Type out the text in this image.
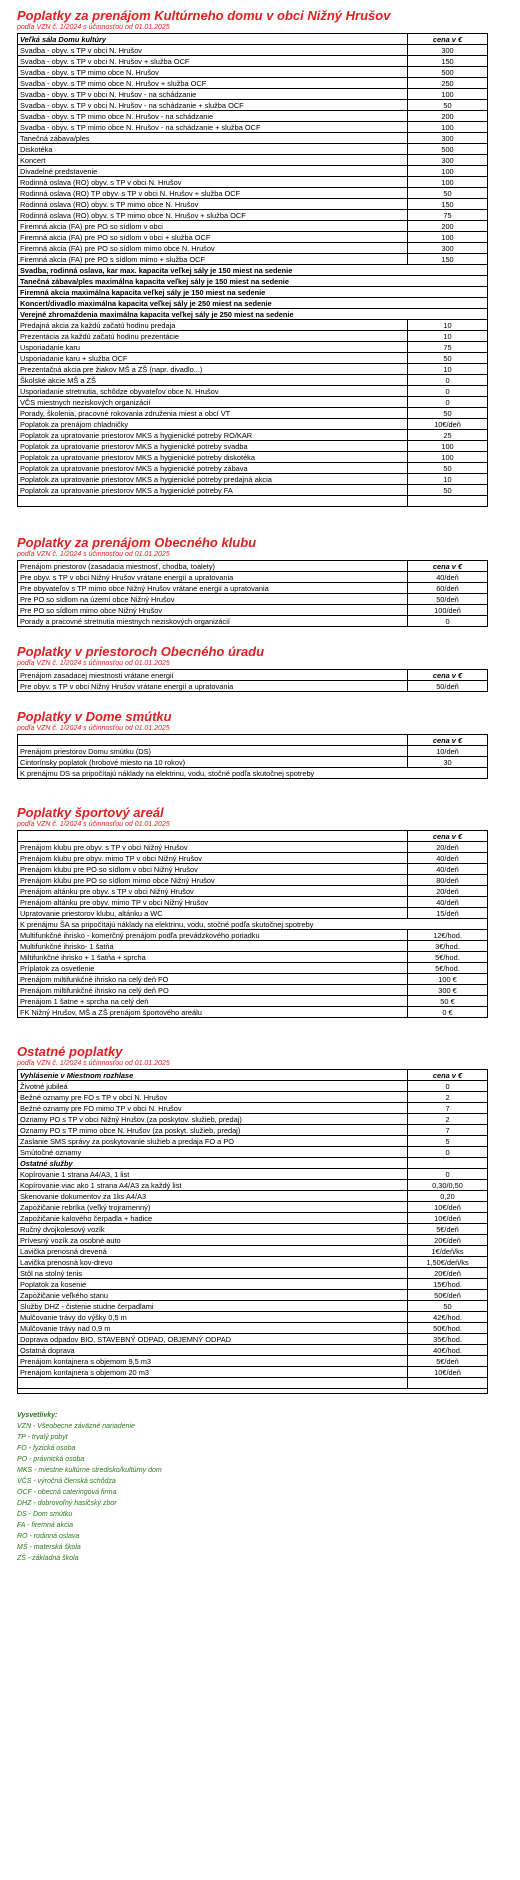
Poplatky za prenájom Kultúrneho domu v obci Nižný Hrušov

podľa VZN č. 1/2024 s účinnosťou od 01.01.2025

Veľká sála Domu kultúry	cena v €
Svadba - obyv. s TP v obci N. Hrušov	300
Svadba - obyv. s TP v obci N. Hrušov + služba OCF	150
Svadba - obyv. s TP mimo obce N. Hrušov	500
Svadba - obyv. s TP mimo obce N. Hrušov + služba OCF	250
Svadba - obyv. s TP v obci N. Hrušov - na schádzanie	100
Svadba - obyv. s TP v obci N. Hrušov - na schádzanie + služba OCF	50
Svadba - obyv. s TP mimo obce N. Hrušov - na schádzanie	200
Svadba - obyv. s TP mimo obce N. Hrušov - na schádzanie + služba OCF	100
Tanečná zábava/ples	300
Diskotéka	500
Koncert	300
Divadelné predstavenie	100
Rodinná oslava (RO) obyv. s TP v obci N. Hrušov	100
Rodinná oslava (RO) TP obyv. s TP v obci N. Hrušov + služba OCF	50
Rodinná oslava (RO) obyv. s TP mimo obce N. Hrušov	150
Rodinná oslava (RO) obyv. s TP mimo obce N. Hrušov + služba OCF	75
Firemná akcia (FA) pre PO so sídlom v obci	200
Firemná akcia (FA) pre PO so sídlom v obci + služba OCF	100
Firemná akcia (FA) pre PO so sídlom mimo obce N. Hrušov	300
Firemná akcia (FA) pre PO s sídlom mimo + služba OCF	150
Svadba, rodinná oslava, kar max. kapacita veľkej sály je 150 miest na sedenie	
Tanečná zábava/ples maximálna kapacita veľkej sály je 150 miest na sedenie	
Firemná akcia maximálna kapacita veľkej sály je 150 miest na sedenie	
Koncert/divadlo maximálna kapacita veľkej sály je 250 miest na sedenie	
Verejné zhromaždenia maximálna kapacita veľkej sály je 250 miest na sedenie	
Predajná akcia za každú začatú hodinu predaja	10
Prezentácia za každú začatú hodinu prezentácie	10
Usporiadanie karu	75
Usporiadanie karu + služba OCF	50
Prezentačná akcia pre žiakov MŠ a ZŠ (napr. divadlo...)	10
Školské akcie MŠ a ZŠ	0
Usporiadanie stretnutia, schôdze obyvateľov obce N. Hrušov	0
VČS miestnych neziskových organizácií	0
Porady, školenia, pracovné rokovania združenia miest a obcí VT	50
Poplatok za prenájom chladničky	10€/deň
Poplatok za upratovanie priestorov MKS a hygienické potreby RO/KAR	25
Poplatok za upratovanie priestorov MKS a hygienické potreby svadba	100
Poplatok za upratovanie priestorov MKS a hygienické potreby diskotéka	100
Poplatok za upratovanie priestorov MKS a hygienické potreby zábava	50
Poplatok za upratovanie priestorov MKS a hygienické potreby predajná akcia	10
Poplatok za upratovanie priestorov MKS a hygienické potreby FA	50

Poplatky za prenájom Obecného klubu

podľa VZN č. 1/2024 s účinnosťou od 01.01.2025

Prenájom priestorov (zasadacia miestnosť, chodba, toalety)	cena v €
Pre obyv. s TP v obci Nižný Hrušov vrátane energií a upratovania	40/deň
Pre obyvateľov s TP mimo obce Nižný Hrušov vrátane energií a upratovania	60/deň
Pre PO so sídlom na území obce Nižný Hrušov	50/deň
Pre PO so sídlom mimo obce Nižný Hrušov	100/deň
Porady a pracovné stretnutia miestnych neziskových organizácií	0

Poplatky v priestoroch Obecného úradu

podľa VZN č. 1/2024 s účinnosťou od 01.01.2025

Prenájom zasadacej miestnosti vrátane energií	cena v €
Pre obyv. s TP v obci Nižný Hrušov vrátane energií a upratovania	50/deň

Poplatky v Dome smútku

podľa VZN č. 1/2024 s účinnosťou od 01.01.2025

	cena v €
Prenájom priestorov Domu smútku (DS)	10/deň
Cintorínsky poplatok (hrobové miesto na 10 rokov)	30
K prenájmu DS sa pripočítajú náklady na elektrinu, vodu, stočné podľa skutočnej spotreby	

Poplatky športový areál

podľa VZN č. 1/2024 s účinnosťou od 01.01.2025

	cena v €
Prenájom klubu pre obyv. s TP v obci Nižný Hrušov	20/deň
Prenájom klubu pre obyv. mimo TP v obci Nižný Hrušov	40/deň
Prenájom klubu pre PO so sídlom v obci Nižný Hrušov	40/deň
Prenájom klubu pre PO so sídlom mimo obce Nižný Hrušov	80/deň
Prenájom altánku pre obyv. s TP v obci Nižný Hrušov	20/deň
Prenájom altánku pre obyv. mimo TP v obci Nižný Hrušov	40/deň
Upratovanie priestorov klubu, altánku a WC	15/deň
K prenájmu ŠA sa pripočítajú náklady na elektrinu, vodu, stočné podľa skutočnej spotreby	
Multifunkčné ihrisko - komerčný prenájom podľa prevádzkového poriadku	12€/hod.
Multifunkčné ihrisko- 1 šatňa	3€/hod.
Miltifunkčné ihrisko + 1 šatňa + sprcha	5€/hod.
Príplatok za osvetlenie	5€/hod.
Prenájom miltifunkčné ihrisko na celý deň FO	100 €
Prenájom miltifunkčné ihrisko na celý deň PO	300 €
Prenájom 1 šatne + sprcha na celý deň	50 €
FK Nižný Hrušov, MŠ a ZŠ prenájom športového areálu	0 €

Ostatné poplatky

podľa VZN č. 1/2024 s účinnosťou od 01.01.2025

Vyhlásenie v Miestnom rozhlase	cena v €
Životné jubileá	0
Bežné oznamy pre FO s TP v obci N. Hrušov	2
Bežné oznamy pre FO mimo TP v obci N. Hrušov	7
Oznamy PO s TP v obci Nižný Hrušov (za poskytov. služieb, predaj)	2
Oznamy PO s TP mimo obce N. Hrušov (za poskyt. služieb, predaj)	7
Zaslanie SMS správy za poskytovanie služieb a predaja FO a PO	5
Smútočné oznamy	0
Ostatné služby	
Kopírovanie 1 strana A4/A3, 1 list	0
Kopírovanie viac ako 1 strana A4/A3 za každý list	0,30/0,50
Skenovanie dokumentov za 1ks A4/A3	0,20
Zapožičanie rebríka (veľký trojramenný)	10€/deň
Zapožičanie kalového čerpadla + hadice	10€/deň
Ručný dvojkolesový vozík	5€/deň
Prívesný vozík za osobné auto	20€/deň
Lavička prenosná drevená	1€/deň/ks
Lavička prenosná kov-drevo	1,50€/deň/ks
Stôl na stolný tenis	20€/deň
Poplatok za kosenie	15€/hod.
Zapožičanie veľkého stanu	50€/deň
Služby DHZ - čistenie studne čerpadlami	50
Mulčovanie trávy do výšky 0,5 m	42€/hod.
Mulčovanie trávy nad 0,9 m	50€/hod.
Doprava odpadov BIO, STAVEBNÝ ODPAD, OBJEMNÝ ODPAD	35€/hod.
Ostatná doprava	40€/hod.
Prenájom kontajnera s objemom 9,5 m3	5€/deň
Prenájom kontajnera s objemom 20 m3	10€/deň

Vysvetlivky:
VZN - Všeobecne záväzné nariadenie
TP - trvalý pobyt
FO - fyzická osoba
PO - právnická osoba
MKS - miestne kultúrne stredisko/kultúrny dom
VČS - výročná členská schôdza
OCF - obecná cateringová firma
DHZ - dobrovoľný hasičský zbor
DS - Dom smútku
FA - firemná akcia
RO - rodinná oslava
MŠ - materská škola
ZŠ - základná škola
